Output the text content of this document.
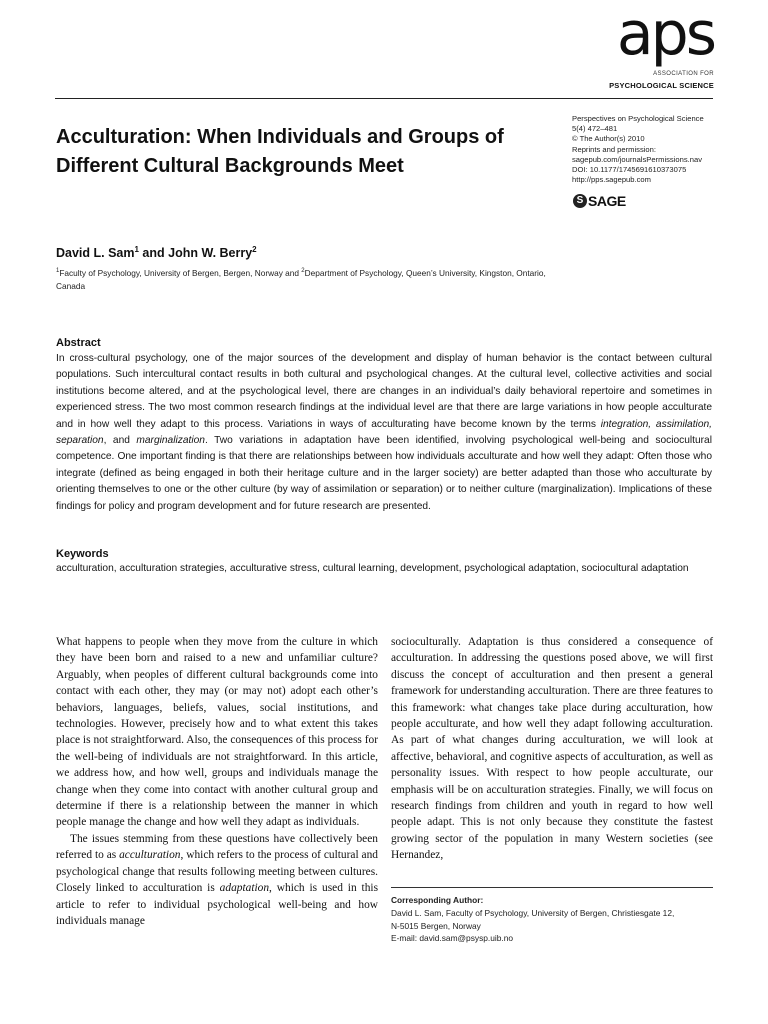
aps
ASSOCIATION FOR
PSYCHOLOGICAL SCIENCE
Acculturation: When Individuals and Groups of Different Cultural Backgrounds Meet
Perspectives on Psychological Science
5(4) 472–481
© The Author(s) 2010
Reprints and permission:
sagepub.com/journalsPermissions.nav
DOI: 10.1177/1745691610373075
http://pps.sagepub.com
S SAGE
David L. Sam$^1$ and John W. Berry$^2$
$^1$Faculty of Psychology, University of Bergen, Bergen, Norway and $^2$Department of Psychology, Queen’s University, Kingston, Ontario, Canada
Abstract
In cross-cultural psychology, one of the major sources of the development and display of human behavior is the contact between cultural populations. Such intercultural contact results in both cultural and psychological changes. At the cultural level, collective activities and social institutions become altered, and at the psychological level, there are changes in an individual’s daily behavioral repertoire and sometimes in experienced stress. The two most common research findings at the individual level are that there are large variations in how people acculturate and in how well they adapt to this process. Variations in ways of acculturating have become known by the terms integration, assimilation, separation, and marginalization. Two variations in adaptation have been identified, involving psychological well-being and sociocultural competence. One important finding is that there are relationships between how individuals acculturate and how well they adapt: Often those who integrate (defined as being engaged in both their heritage culture and in the larger society) are better adapted than those who acculturate by orienting themselves to one or the other culture (by way of assimilation or separation) or to neither culture (marginalization). Implications of these findings for policy and program development and for future research are presented.
Keywords
acculturation, acculturation strategies, acculturative stress, cultural learning, development, psychological adaptation, sociocultural adaptation

What happens to people when they move from the culture in which they have been born and raised to a new and unfamiliar culture? Arguably, when peoples of different cultural backgrounds come into contact with each other, they may (or may not) adopt each other’s behaviors, languages, beliefs, values, social institutions, and technologies. However, precisely how and to what extent this takes place is not straightforward. Also, the consequences of this process for the well-being of individuals are not straightforward. In this article, we address how, and how well, groups and individuals manage the change when they come into contact with another cultural group and determine if there is a relationship between the manner in which people manage the change and how well they adapt as individuals.

The issues stemming from these questions have collectively been referred to as acculturation, which refers to the process of cultural and psychological change that results following meeting between cultures. Closely linked to acculturation is adaptation, which is used in this article to refer to individual psychological well-being and how individuals manage

socioculturally. Adaptation is thus considered a consequence of acculturation. In addressing the questions posed above, we will first discuss the concept of acculturation and then present a general framework for understanding acculturation. There are three features to this framework: what changes take place during acculturation, how people acculturate, and how well they adapt following acculturation. As part of what changes during acculturation, we will look at affective, behavioral, and cognitive aspects of acculturation, as well as personality issues. With respect to how people acculturate, our emphasis will be on acculturation strategies. Finally, we will focus on research findings from children and youth in regard to how well people adapt. This is not only because they constitute the fastest growing sector of the population in many Western societies (see Hernandez,

Corresponding Author:
David L. Sam, Faculty of Psychology, University of Bergen, Christiesgate 12,
N-5015 Bergen, Norway
E-mail: david.sam@psysp.uib.no
